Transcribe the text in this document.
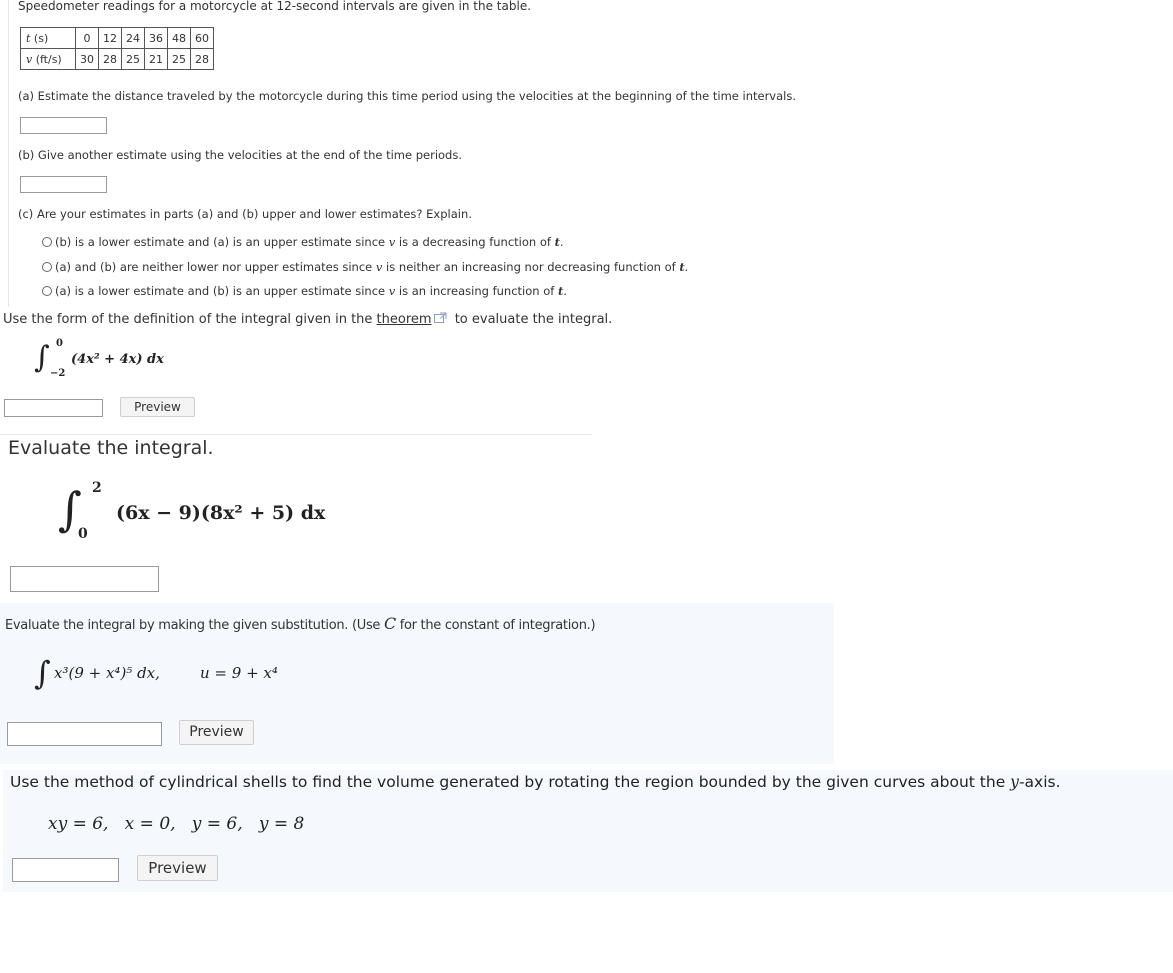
Speedometer readings for a motorcycle at 12-second intervals are given in the table.
t (s)	0	12	24	36	48	60
v (ft/s)	30	28	25	21	25	28
(a) Estimate the distance traveled by the motorcycle during this time period using the velocities at the beginning of the time intervals.
(b) Give another estimate using the velocities at the end of the time periods.
(c) Are your estimates in parts (a) and (b) upper and lower estimates? Explain.
(b) is a lower estimate and (a) is an upper estimate since v is a decreasing function of t.
(a) and (b) are neither lower nor upper estimates since v is neither an increasing nor decreasing function of t.
(a) is a lower estimate and (b) is an upper estimate since v is an increasing function of t.
Use the form of the definition of the integral given in the theorem to evaluate the integral.
∫ 0
−2
(4x² + 4x) dx
Preview
Evaluate the integral.
∫ 2
0
(6x − 9)(8x² + 5) dx
Evaluate the integral by making the given substitution. (Use C for the constant of integration.)
∫ x³(9 + x⁴)⁵ dx,	u = 9 + x⁴
Preview
Use the method of cylindrical shells to find the volume generated by rotating the region bounded by the given curves about the y-axis.
xy = 6,   x = 0,   y = 6,   y = 8
Preview
